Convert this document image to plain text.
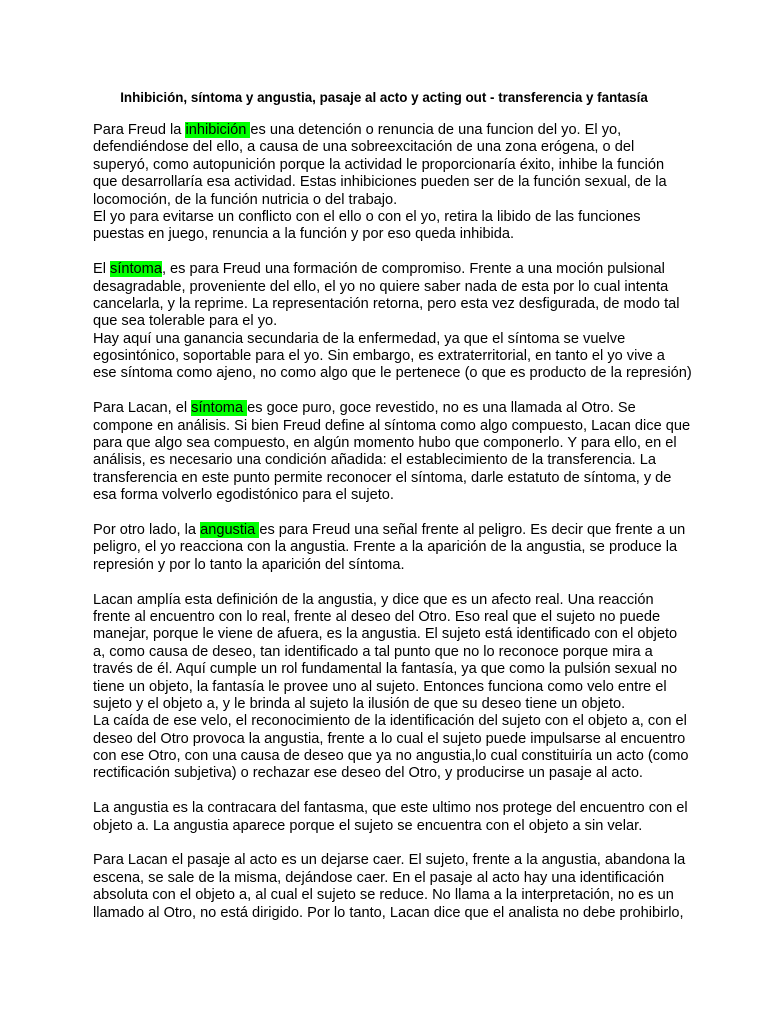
Inhibición, síntoma y angustia, pasaje al acto y acting out - transferencia y fantasía
Para Freud la inhibición es una detención o renuncia de una funcion del yo. El yo,
defendiéndose del ello, a causa de una sobreexcitación de una zona erógena, o del
superyó, como autopunición porque la actividad le proporcionaría éxito, inhibe la función
que desarrollaría esa actividad. Estas inhibiciones pueden ser de la función sexual, de la
locomoción, de la función nutricia o del trabajo.
El yo para evitarse un conflicto con el ello o con el yo, retira la libido de las funciones
puestas en juego, renuncia a la función y por eso queda inhibida.
El síntoma, es para Freud una formación de compromiso. Frente a una moción pulsional
desagradable, proveniente del ello, el yo no quiere saber nada de esta por lo cual intenta
cancelarla, y la reprime. La representación retorna, pero esta vez desfigurada, de modo tal
que sea tolerable para el yo.
Hay aquí una ganancia secundaria de la enfermedad, ya que el síntoma se vuelve
egosintónico, soportable para el yo. Sin embargo, es extraterritorial, en tanto el yo vive a
ese síntoma como ajeno, no como algo que le pertenece (o que es producto de la represión)
Para Lacan, el síntoma es goce puro, goce revestido, no es una llamada al Otro. Se
compone en análisis. Si bien Freud define al síntoma como algo compuesto, Lacan dice que
para que algo sea compuesto, en algún momento hubo que componerlo. Y para ello, en el
análisis, es necesario una condición añadida: el establecimiento de la transferencia. La
transferencia en este punto permite reconocer el síntoma, darle estatuto de síntoma, y de
esa forma volverlo egodistónico para el sujeto.
Por otro lado, la angustia es para Freud una señal frente al peligro. Es decir que frente a un
peligro, el yo reacciona con la angustia. Frente a la aparición de la angustia, se produce la
represión y por lo tanto la aparición del síntoma.
Lacan amplía esta definición de la angustia, y dice que es un afecto real. Una reacción
frente al encuentro con lo real, frente al deseo del Otro. Eso real que el sujeto no puede
manejar, porque le viene de afuera, es la angustia. El sujeto está identificado con el objeto
a, como causa de deseo, tan identificado a tal punto que no lo reconoce porque mira a
través de él. Aquí cumple un rol fundamental la fantasía, ya que como la pulsión sexual no
tiene un objeto, la fantasía le provee uno al sujeto. Entonces funciona como velo entre el
sujeto y el objeto a, y le brinda al sujeto la ilusión de que su deseo tiene un objeto.
La caída de ese velo, el reconocimiento de la identificación del sujeto con el objeto a, con el
deseo del Otro provoca la angustia, frente a lo cual el sujeto puede impulsarse al encuentro
con ese Otro, con una causa de deseo que ya no angustia,lo cual constituiría un acto (como
rectificación subjetiva) o rechazar ese deseo del Otro, y producirse un pasaje al acto.
La angustia es la contracara del fantasma, que este ultimo nos protege del encuentro con el
objeto a. La angustia aparece porque el sujeto se encuentra con el objeto a sin velar.
Para Lacan el pasaje al acto es un dejarse caer. El sujeto, frente a la angustia, abandona la
escena, se sale de la misma, dejándose caer. En el pasaje al acto hay una identificación
absoluta con el objeto a, al cual el sujeto se reduce. No llama a la interpretación, no es un
llamado al Otro, no está dirigido. Por lo tanto, Lacan dice que el analista no debe prohibirlo,
